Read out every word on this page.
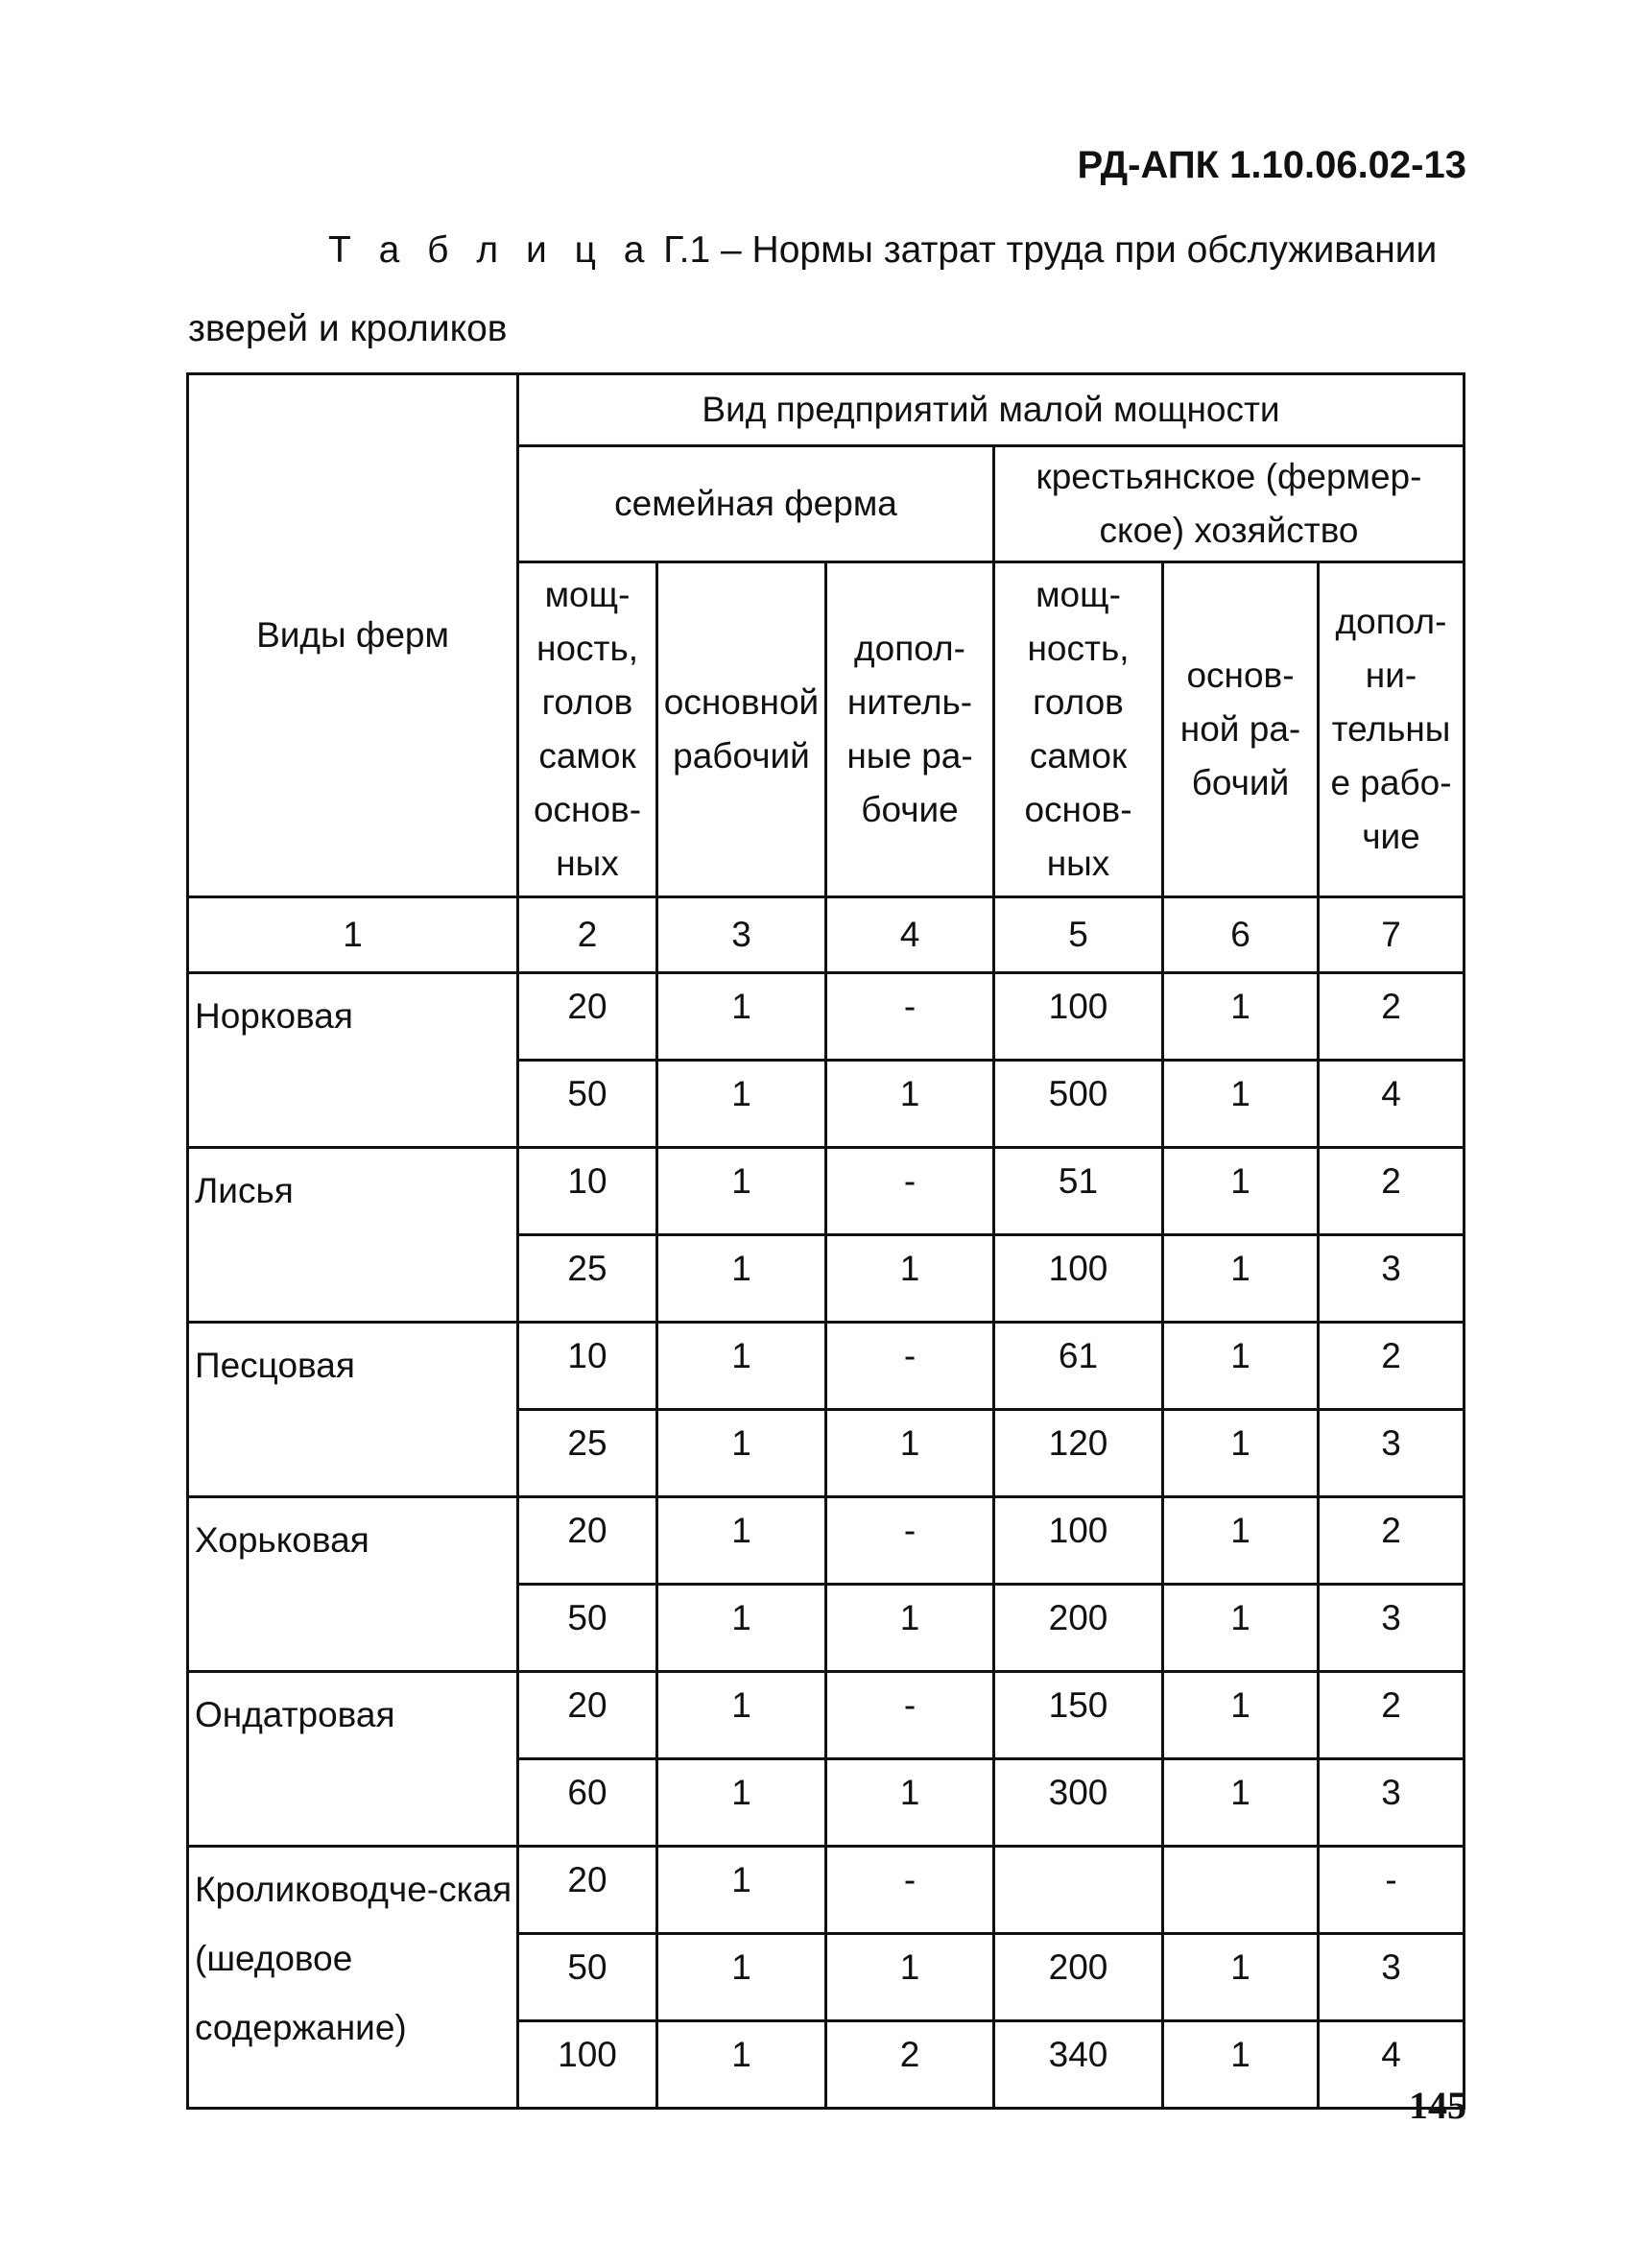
РД-АПК 1.10.06.02-13
Т а б л и ц а Г.1 – Нормы затрат труда при обслуживании
зверей и кроликов
Виды ферм	Вид предприятий малой мощности					
	семейная ферма			крестьянское (фермер-ское) хозяйство		
	мощ-ность, голов самок основ-ных	основной рабочий	допол-нитель-ные ра-бочие	мощ-ность, голов самок основ-ных	основ-ной ра-бочий	допол-ни-тельны е рабо-чие
1	2	3	4	5	6	7
Норковая	20	1	-	100	1	2
	50	1	1	500	1	4
Лисья	10	1	-	51	1	2
	25	1	1	100	1	3
Песцовая	10	1	-	61	1	2
	25	1	1	120	1	3
Хорьковая	20	1	-	100	1	2
	50	1	1	200	1	3
Ондатровая	20	1	-	150	1	2
	60	1	1	300	1	3
Кролиководче-ская (шедовое содержание)	20	1	-			-
	50	1	1	200	1	3
	100	1	2	340	1	4
145
